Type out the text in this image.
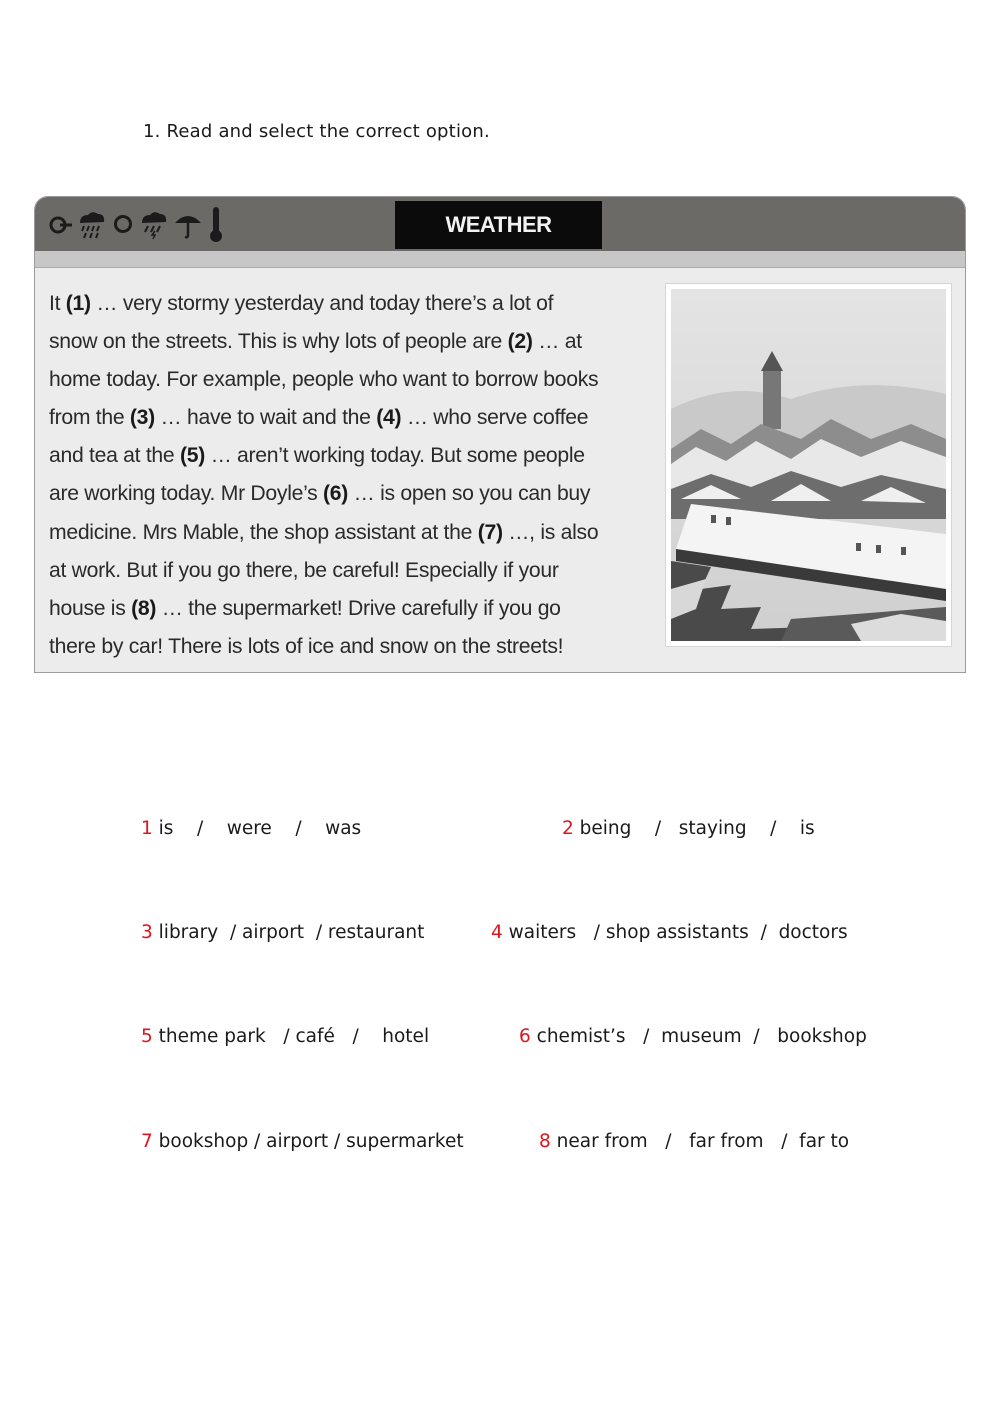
1. Read and select the correct option.
WEATHER
It (1) … very stormy yesterday and today there’s a lot of
snow on the streets. This is why lots of people are (2) … at
home today. For example, people who want to borrow books
from the (3) … have to wait and the (4) … who serve coffee
and tea at the (5) … aren’t working today. But some people
are working today. Mr Doyle’s (6) … is open so you can buy
medicine. Mrs Mable, the shop assistant at the (7) …, is also
at work. But if you go there, be careful! Especially if your
house is (8) … the supermarket! Drive carefully if you go
there by car! There is lots of ice and snow on the streets!
1 is    /    were    /    was	2 being    /   staying    /    is
3 library  / airport  / restaurant	4 waiters   / shop assistants  /  doctors
5 theme park   / café   /    hotel	6 chemist’s   /  museum  /   bookshop
7 bookshop / airport / supermarket	8 near from   /   far from   /  far to
